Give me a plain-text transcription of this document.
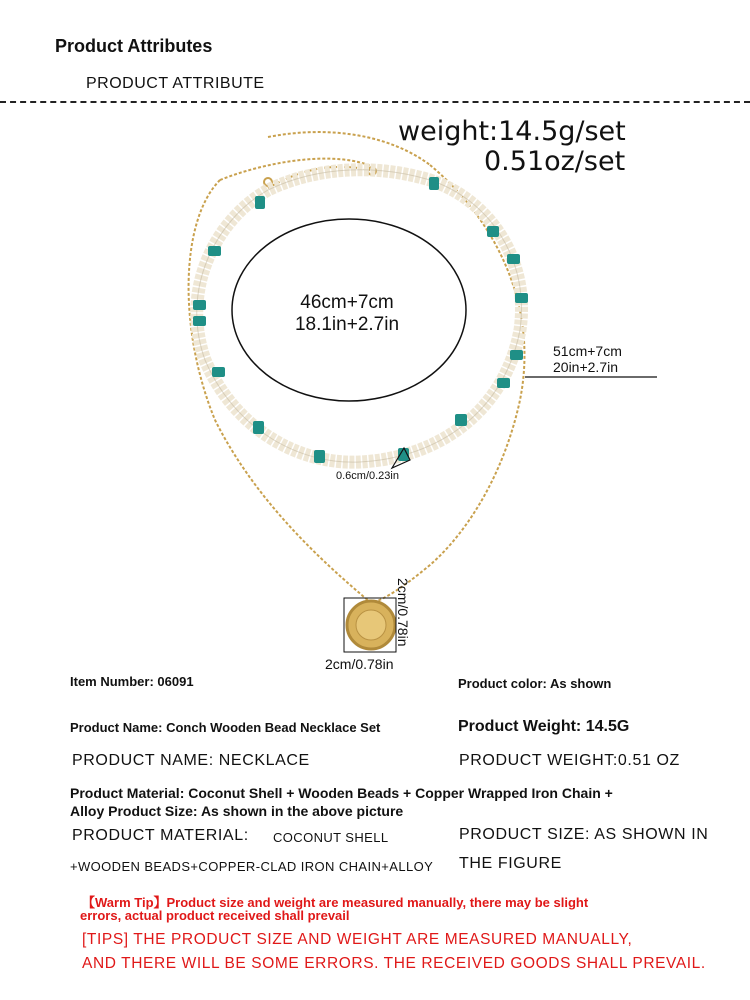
Product Attributes
PRODUCT ATTRIBUTE
weight:14.5g/set
0.51oz/set
46cm+7cm
18.1in+2.7in
51cm+7cm
20in+2.7in
0.6cm/0.23in
2cm/0.78in
2cm/0.78in
Item Number: 06091	Product color: As shown
Product Name: Conch Wooden Bead Necklace Set	Product Weight: 14.5G
PRODUCT NAME: NECKLACE	PRODUCT WEIGHT:0.51 OZ
Product Material: Coconut Shell + Wooden Beads + Copper Wrapped Iron Chain +
Alloy Product Size: As shown in the above picture
PRODUCT MATERIAL: COCONUT SHELL
+WOODEN BEADS+COPPER-CLAD IRON CHAIN+ALLOY
PRODUCT SIZE: AS SHOWN IN
THE FIGURE
【Warm Tip】Product size and weight are measured manually, there may be slight
errors, actual product received shall prevail
[TIPS] THE PRODUCT SIZE AND WEIGHT ARE MEASURED MANUALLY,
AND THERE WILL BE SOME ERRORS. THE RECEIVED GOODS SHALL PREVAIL.
